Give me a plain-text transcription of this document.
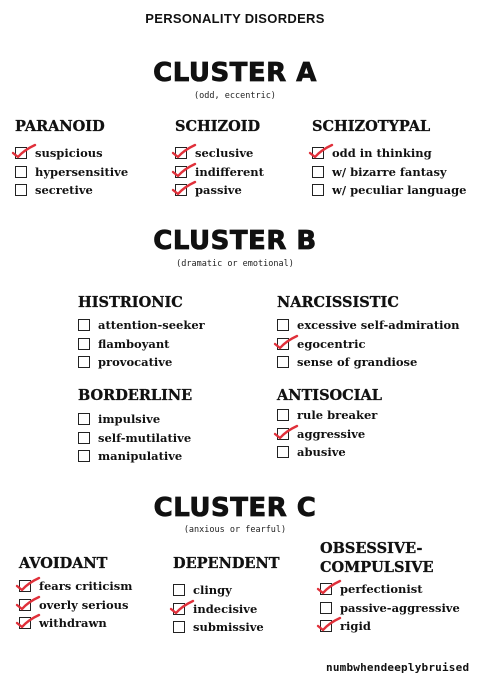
PERSONALITY DISORDERS
CLUSTER A
(odd, eccentric)
PARANOID
suspicious
hypersensitive
secretive
SCHIZOID
seclusive
indifferent
passive
SCHIZOTYPAL
odd in thinking
w/ bizarre fantasy
w/ peculiar language
CLUSTER B
(dramatic or emotional)
HISTRIONIC
attention-seeker
flamboyant
provocative
NARCISSISTIC
excessive self-admiration
egocentric
sense of grandiose
BORDERLINE
impulsive
self-mutilative
manipulative
ANTISOCIAL
rule breaker
aggressive
abusive
CLUSTER C
(anxious or fearful)
AVOIDANT
fears criticism
overly serious
withdrawn
DEPENDENT
clingy
indecisive
submissive
OBSESSIVE-COMPULSIVE
perfectionist
passive-aggressive
rigid
numbwhendeeplybruised
